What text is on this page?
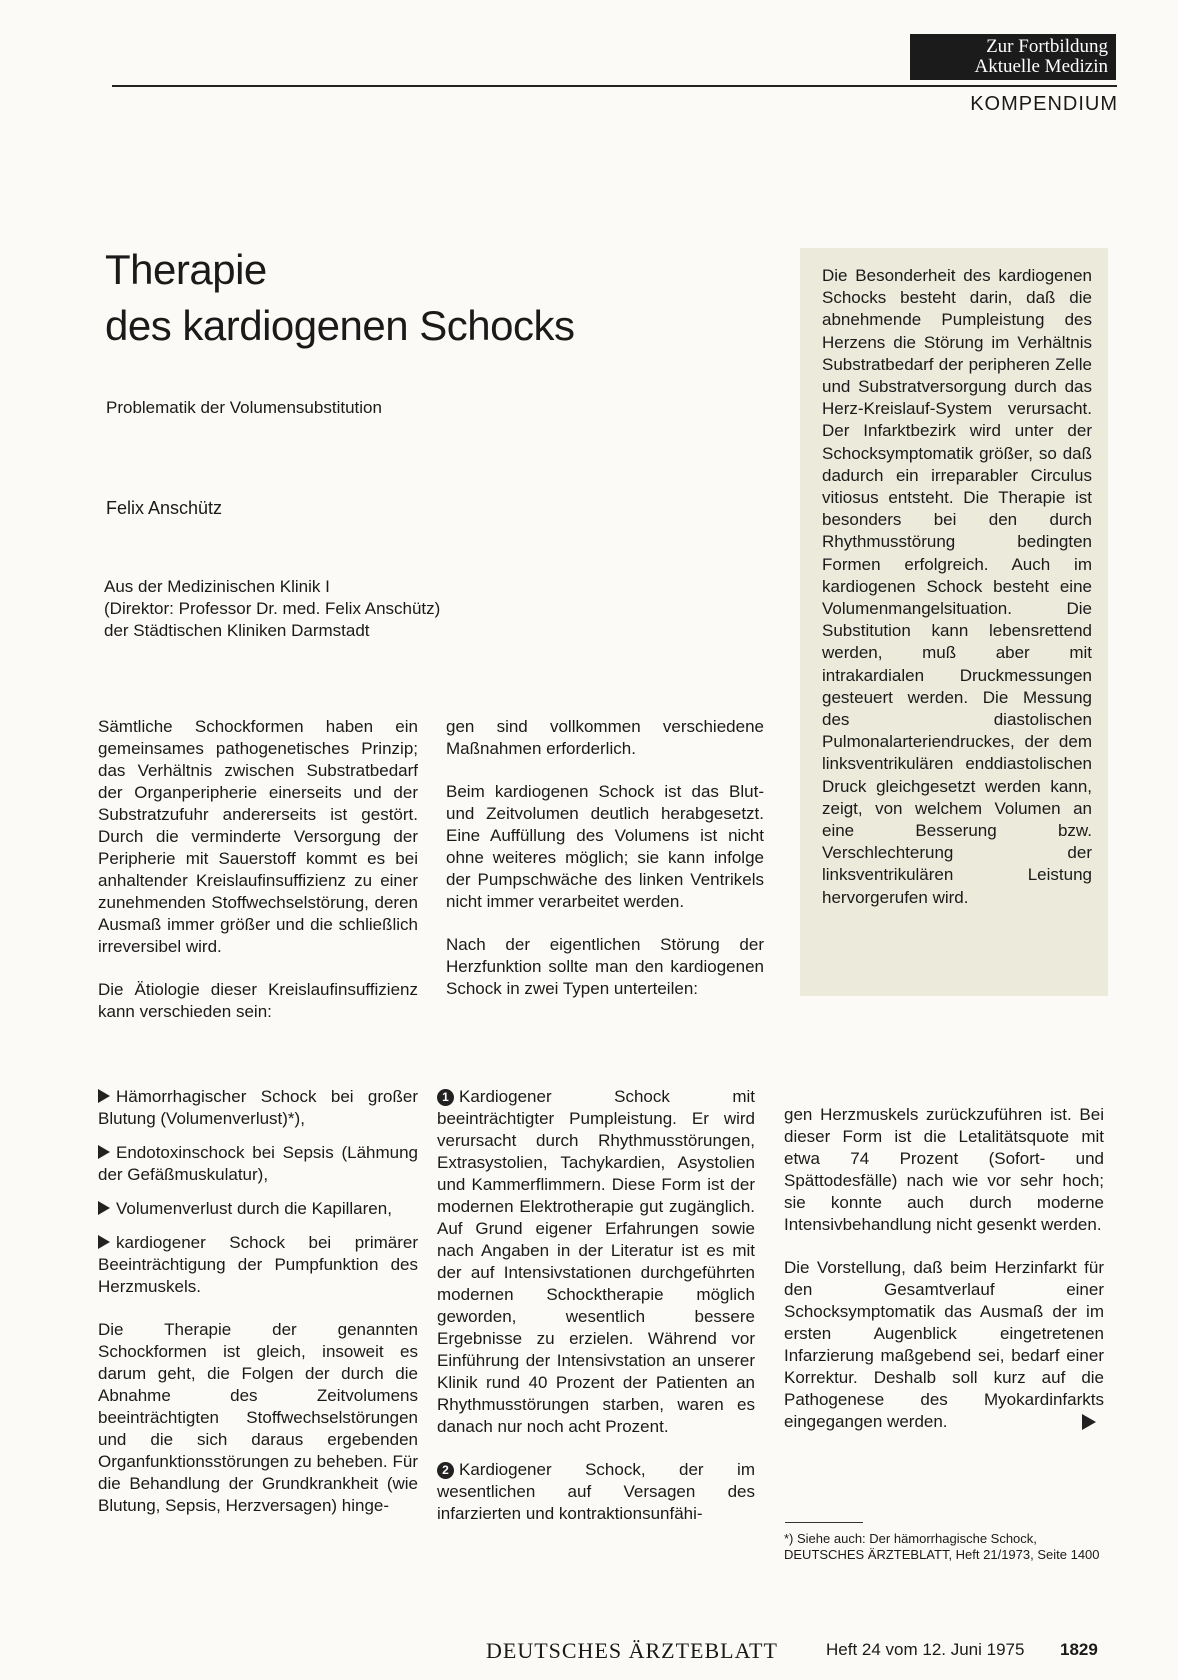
Zur Fortbildung
Aktuelle Medizin
KOMPENDIUM
Therapie
des kardiogenen Schocks
Problematik der Volumensubstitution
Felix Anschütz
Aus der Medizinischen Klinik I
(Direktor: Professor Dr. med. Felix Anschütz)
der Städtischen Kliniken Darmstadt
Die Besonderheit des kardiogenen Schocks besteht darin, daß die abnehmende Pumpleistung des Herzens die Störung im Verhältnis Substratbedarf der peripheren Zelle und Substratversorgung durch das Herz-Kreislauf-System verursacht. Der Infarktbezirk wird unter der Schocksymptomatik größer, so daß dadurch ein irreparabler Circulus vitiosus entsteht. Die Therapie ist besonders bei den durch Rhythmusstörung bedingten Formen erfolgreich. Auch im kardiogenen Schock besteht eine Volumenmangelsituation. Die Substitution kann lebensrettend werden, muß aber mit intrakardialen Druckmessungen gesteuert werden. Die Messung des diastolischen Pulmonalarteriendruckes, der dem linksventrikulären enddiastolischen Druck gleichgesetzt werden kann, zeigt, von welchem Volumen an eine Besserung bzw. Verschlechterung der linksventrikulären Leistung hervorgerufen wird.

Sämtliche Schockformen haben ein gemeinsames pathogenetisches Prinzip; das Verhältnis zwischen Substratbedarf der Organperipherie einerseits und der Substratzufuhr andererseits ist gestört. Durch die verminderte Versorgung der Peripherie mit Sauerstoff kommt es bei anhaltender Kreislaufinsuffizienz zu einer zunehmenden Stoffwechselstörung, deren Ausmaß immer größer und die schließlich irreversibel wird.

Die Ätiologie dieser Kreislaufinsuffizienz kann verschieden sein:

gen sind vollkommen verschiedene Maßnahmen erforderlich.

Beim kardiogenen Schock ist das Blut- und Zeitvolumen deutlich herabgesetzt. Eine Auffüllung des Volumens ist nicht ohne weiteres möglich; sie kann infolge der Pumpschwäche des linken Ventrikels nicht immer verarbeitet werden.

Nach der eigentlichen Störung der Herzfunktion sollte man den kardiogenen Schock in zwei Typen unterteilen:

Hämorrhagischer Schock bei großer Blutung (Volumenverlust)*),

Endotoxinschock bei Sepsis (Lähmung der Gefäßmuskulatur),

Volumenverlust durch die Kapillaren,

kardiogener Schock bei primärer Beeinträchtigung der Pumpfunktion des Herzmuskels.

Die Therapie der genannten Schockformen ist gleich, insoweit es darum geht, die Folgen der durch die Abnahme des Zeitvolumens beeinträchtigten Stoffwechselstörungen und die sich daraus ergebenden Organfunktionsstörungen zu beheben. Für die Behandlung der Grundkrankheit (wie Blutung, Sepsis, Herzversagen) hinge-

1 Kardiogener Schock mit beeinträchtigter Pumpleistung. Er wird verursacht durch Rhythmusstörungen, Extrasystolien, Tachykardien, Asystolien und Kammerflimmern. Diese Form ist der modernen Elektrotherapie gut zugänglich. Auf Grund eigener Erfahrungen sowie nach Angaben in der Literatur ist es mit der auf Intensivstationen durchgeführten modernen Schocktherapie möglich geworden, wesentlich bessere Ergebnisse zu erzielen. Während vor Einführung der Intensivstation an unserer Klinik rund 40 Prozent der Patienten an Rhythmusstörungen starben, waren es danach nur noch acht Prozent.

2 Kardiogener Schock, der im wesentlichen auf Versagen des infarzierten und kontraktionsunfähi-

gen Herzmuskels zurückzuführen ist. Bei dieser Form ist die Letalitätsquote mit etwa 74 Prozent (Sofort- und Spättodesfälle) nach wie vor sehr hoch; sie konnte auch durch moderne Intensivbehandlung nicht gesenkt werden.

Die Vorstellung, daß beim Herzinfarkt für den Gesamtverlauf einer Schocksymptomatik das Ausmaß der im ersten Augenblick eingetretenen Infarzierung maßgebend sei, bedarf einer Korrektur. Deshalb soll kurz auf die Pathogenese des Myokardinfarkts eingegangen werden.

*) Siehe auch: Der hämorrhagische Schock, DEUTSCHES ÄRZTEBLATT, Heft 21/1973, Seite 1400
DEUTSCHES ÄRZTEBLATT	Heft 24 vom 12. Juni 1975 1829
